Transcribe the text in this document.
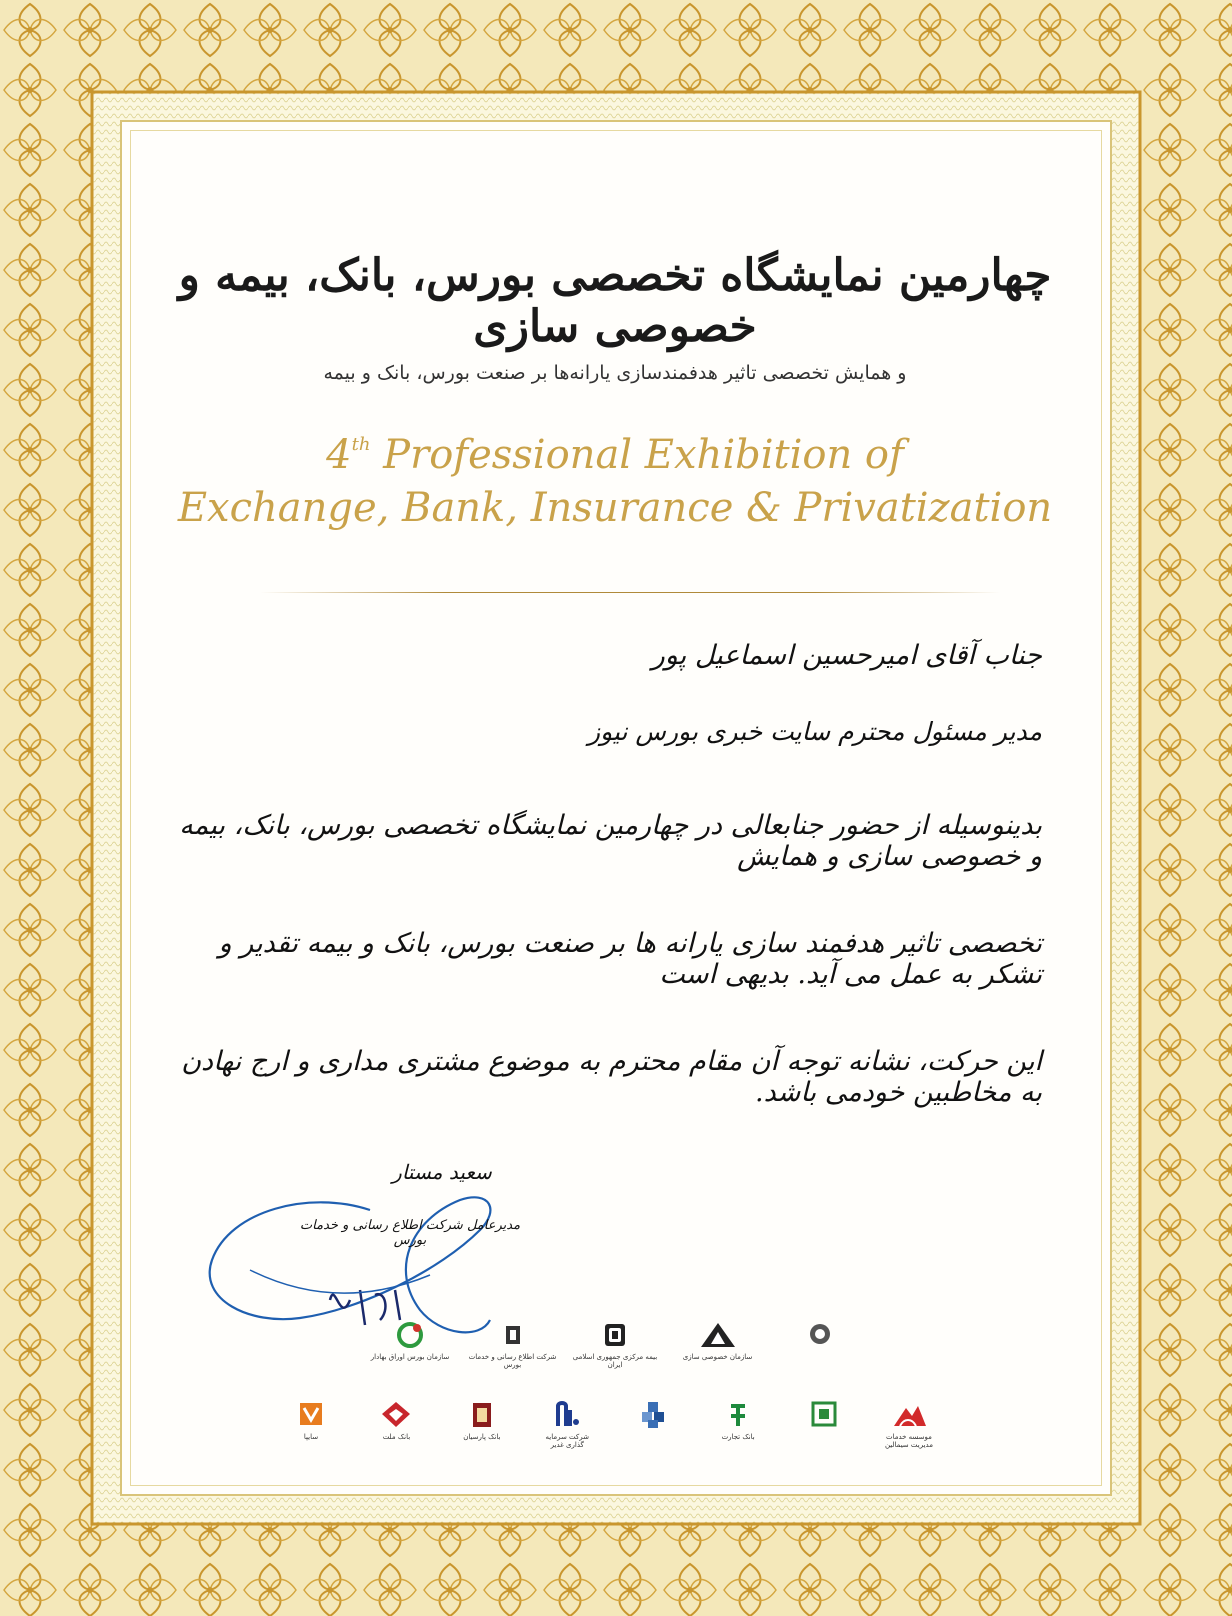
چهارمین نمایشگاه تخصصی بورس، بانک، بیمه و خصوصی سازی
و همایش تخصصی تاثیر هدفمندسازی یارانه‌ها بر صنعت بورس، بانک و بیمه
4th Professional Exhibition of
Exchange, Bank, Insurance & Privatization
جناب آقای امیرحسین اسماعیل پور
مدیر مسئول محترم سایت خبری بورس نیوز
بدینوسیله از حضور جنابعالی در چهارمین نمایشگاه تخصصی بورس، بانک، بیمه و خصوصی سازی و همایش
تخصصی تاثیر هدفمند سازی یارانه ها بر صنعت بورس، بانک و بیمه تقدیر و تشکر به عمل می آید. بدیهی است
این حرکت، نشانه توجه آن مقام محترم به موضوع مشتری مداری و ارج نهادن به مخاطبین خودمی باشد.
سعید مستار
مدیرعامل شرکت اطلاع رسانی و خدمات بورس
سازمان بورس اوراق بهادار	شرکت اطلاع رسانی و خدمات بورس
بیمه مرکزی جمهوری اسلامی ایران
سازمان خصوصی سازی
سایپا	بانک ملت	بانک پارسیان	شرکت سرمایه گذاری غدیر
بانک تجارت	موسسه خدمات مدیریت سیمالین
